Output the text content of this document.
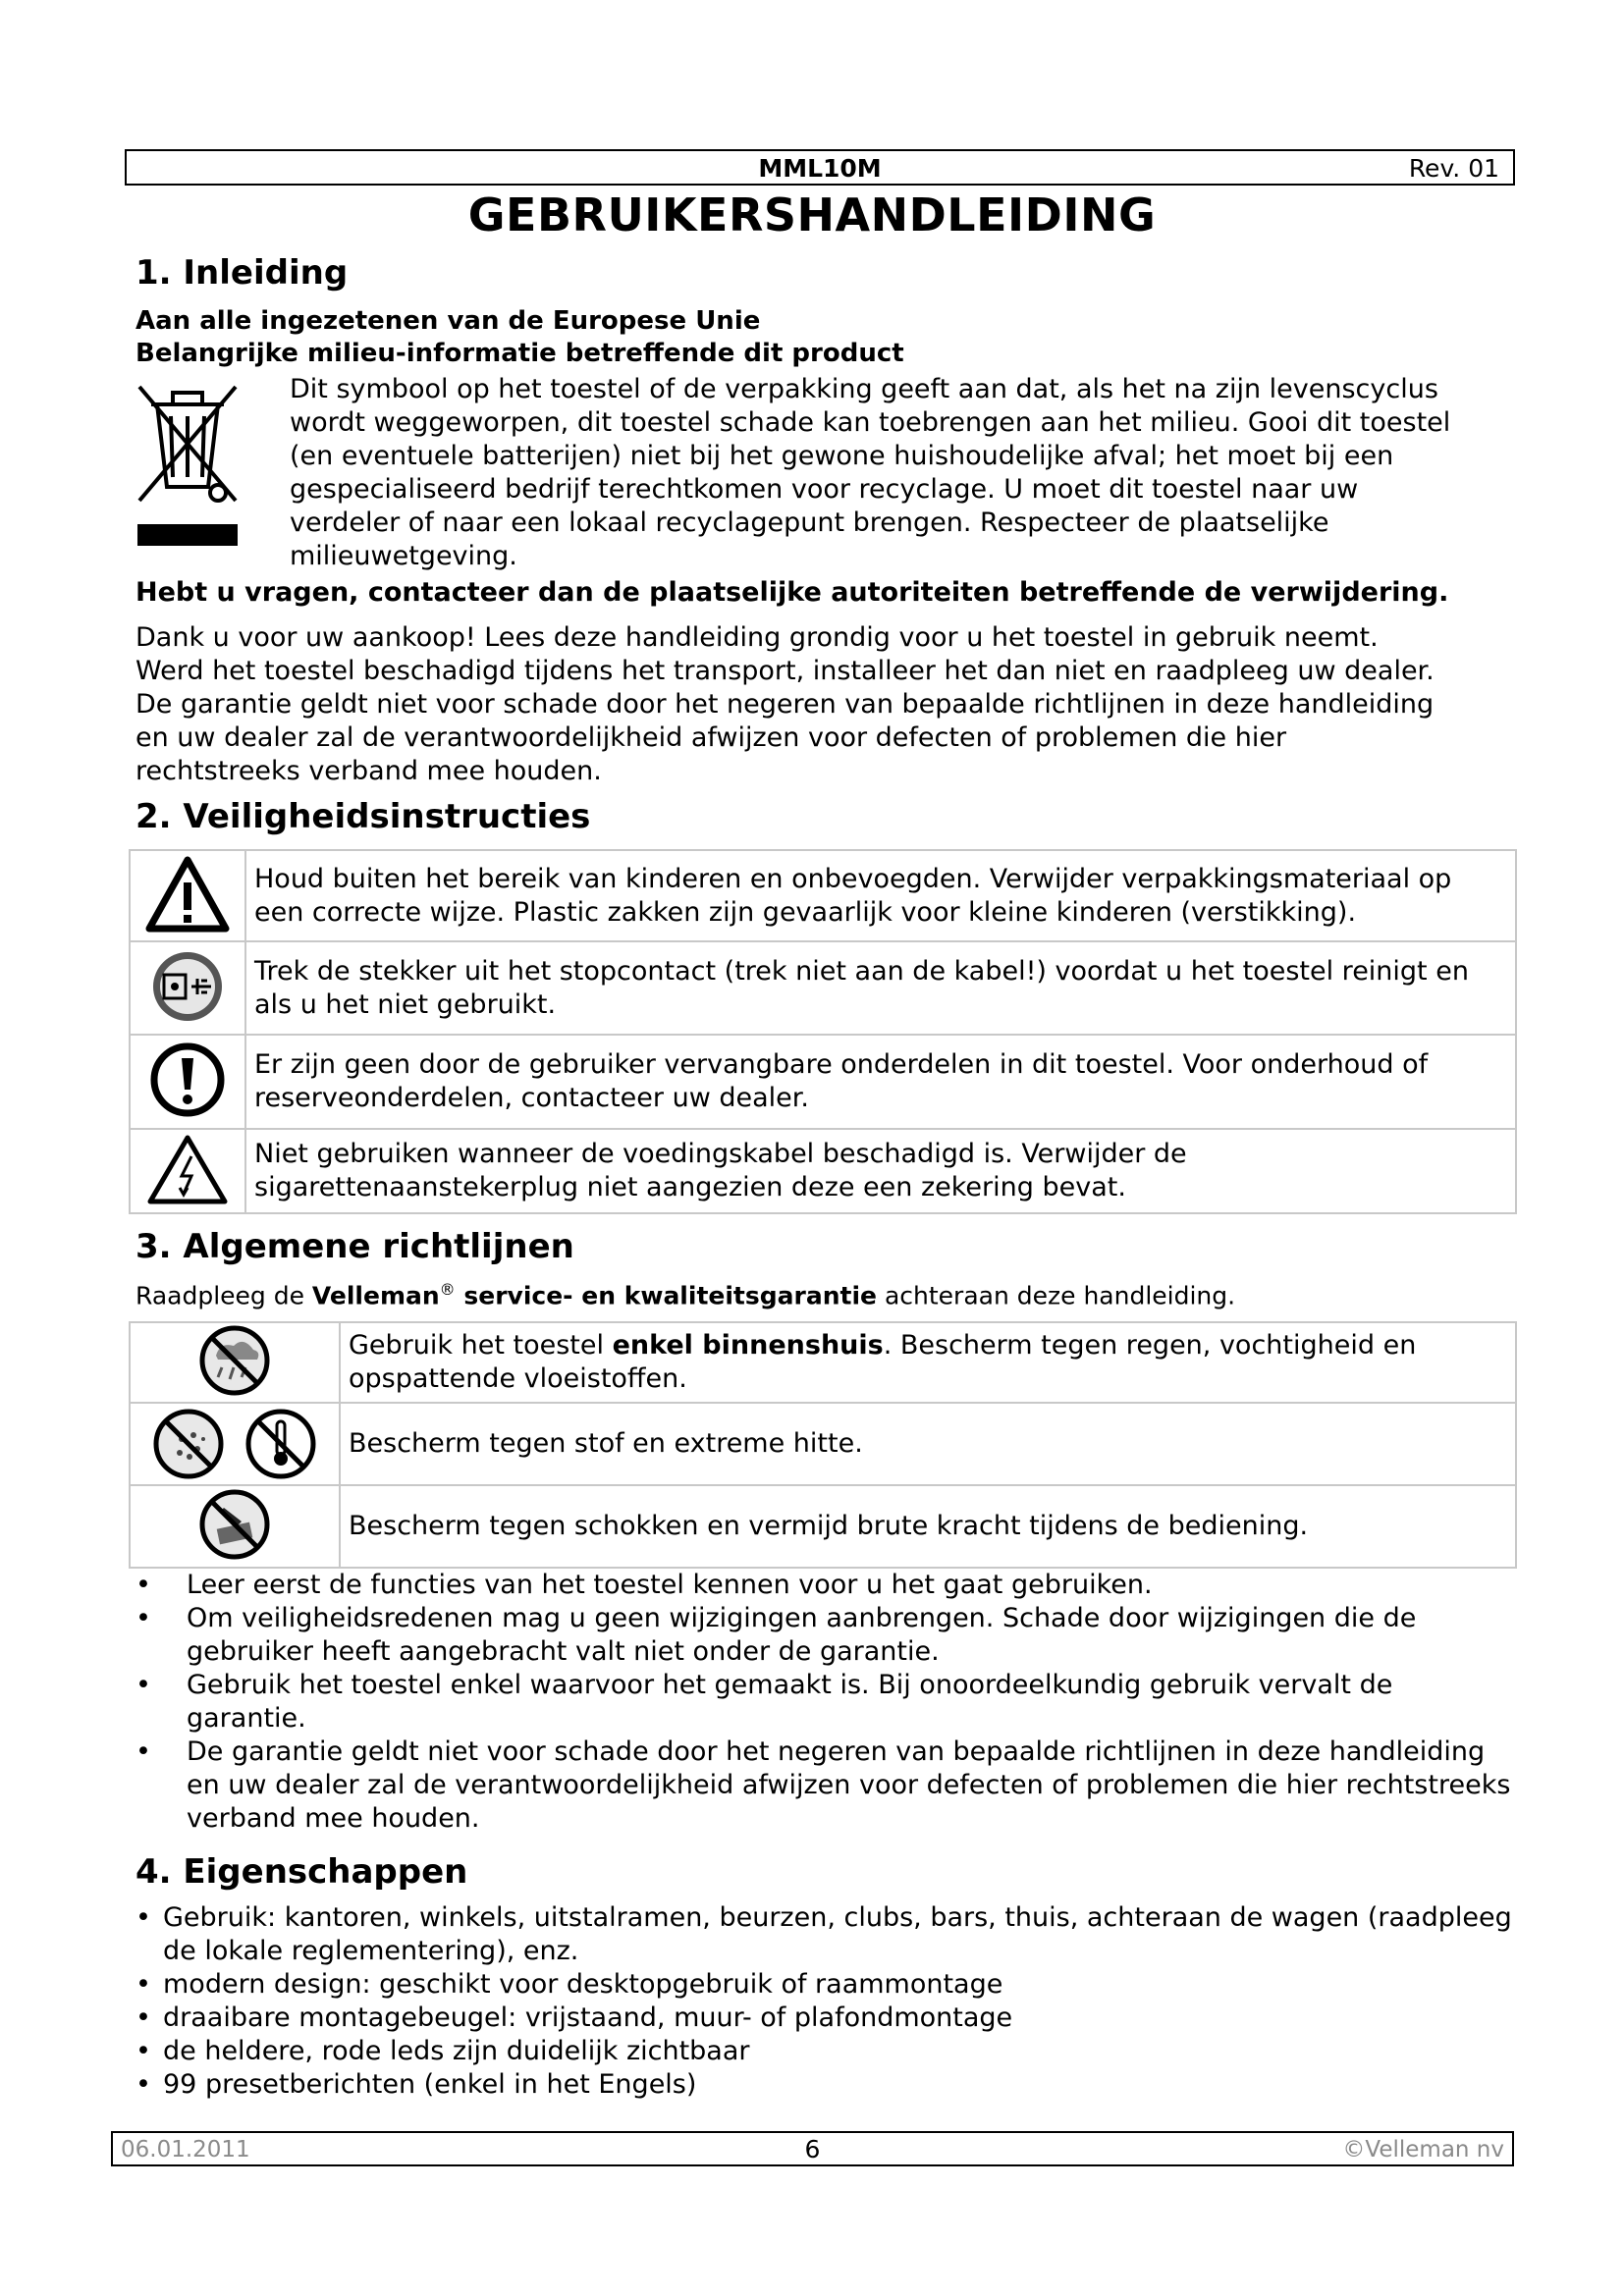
MML10M	Rev. 01
GEBRUIKERSHANDLEIDING
1. Inleiding
Aan alle ingezetenen van de Europese Unie
Belangrijke milieu-informatie betreffende dit product
Dit symbool op het toestel of de verpakking geeft aan dat, als het na zijn levenscyclus
wordt weggeworpen, dit toestel schade kan toebrengen aan het milieu. Gooi dit toestel
(en eventuele batterijen) niet bij het gewone huishoudelijke afval; het moet bij een
gespecialiseerd bedrijf terechtkomen voor recyclage. U moet dit toestel naar uw
verdeler of naar een lokaal recyclagepunt brengen. Respecteer de plaatselijke
milieuwetgeving.
Hebt u vragen, contacteer dan de plaatselijke autoriteiten betreffende de verwijdering.
Dank u voor uw aankoop! Lees deze handleiding grondig voor u het toestel in gebruik neemt.
Werd het toestel beschadigd tijdens het transport, installeer het dan niet en raadpleeg uw dealer.
De garantie geldt niet voor schade door het negeren van bepaalde richtlijnen in deze handleiding
en uw dealer zal de verantwoordelijkheid afwijzen voor defecten of problemen die hier
rechtstreeks verband mee houden.
2. Veiligheidsinstructies
	Houd buiten het bereik van kinderen en onbevoegden. Verwijder verpakkingsmateriaal op een correcte wijze. Plastic zakken zijn gevaarlijk voor kleine kinderen (verstikking).
	Trek de stekker uit het stopcontact (trek niet aan de kabel!) voordat u het toestel reinigt en als u het niet gebruikt.
	Er zijn geen door de gebruiker vervangbare onderdelen in dit toestel. Voor onderhoud of reserveonderdelen, contacteer uw dealer.
	Niet gebruiken wanneer de voedingskabel beschadigd is. Verwijder de sigarettenaanstekerplug niet aangezien deze een zekering bevat.
3. Algemene richtlijnen
Raadpleeg de Velleman® service- en kwaliteitsgarantie achteraan deze handleiding.
	Gebruik het toestel enkel binnenshuis. Bescherm tegen regen, vochtigheid en opspattende vloeistoffen.
	Bescherm tegen stof en extreme hitte.
	Bescherm tegen schokken en vermijd brute kracht tijdens de bediening.
• Leer eerst de functies van het toestel kennen voor u het gaat gebruiken.
• Om veiligheidsredenen mag u geen wijzigingen aanbrengen. Schade door wijzigingen die de gebruiker heeft aangebracht valt niet onder de garantie.
• Gebruik het toestel enkel waarvoor het gemaakt is. Bij onoordeelkundig gebruik vervalt de garantie.
• De garantie geldt niet voor schade door het negeren van bepaalde richtlijnen in deze handleiding en uw dealer zal de verantwoordelijkheid afwijzen voor defecten of problemen die hier rechtstreeks verband mee houden.
4. Eigenschappen
• Gebruik: kantoren, winkels, uitstalramen, beurzen, clubs, bars, thuis, achteraan de wagen (raadpleeg de lokale reglementering), enz.
• modern design: geschikt voor desktopgebruik of raammontage
• draaibare montagebeugel: vrijstaand, muur- of plafondmontage
• de heldere, rode leds zijn duidelijk zichtbaar
• 99 presetberichten (enkel in het Engels)
06.01.2011	6	©Velleman nv
